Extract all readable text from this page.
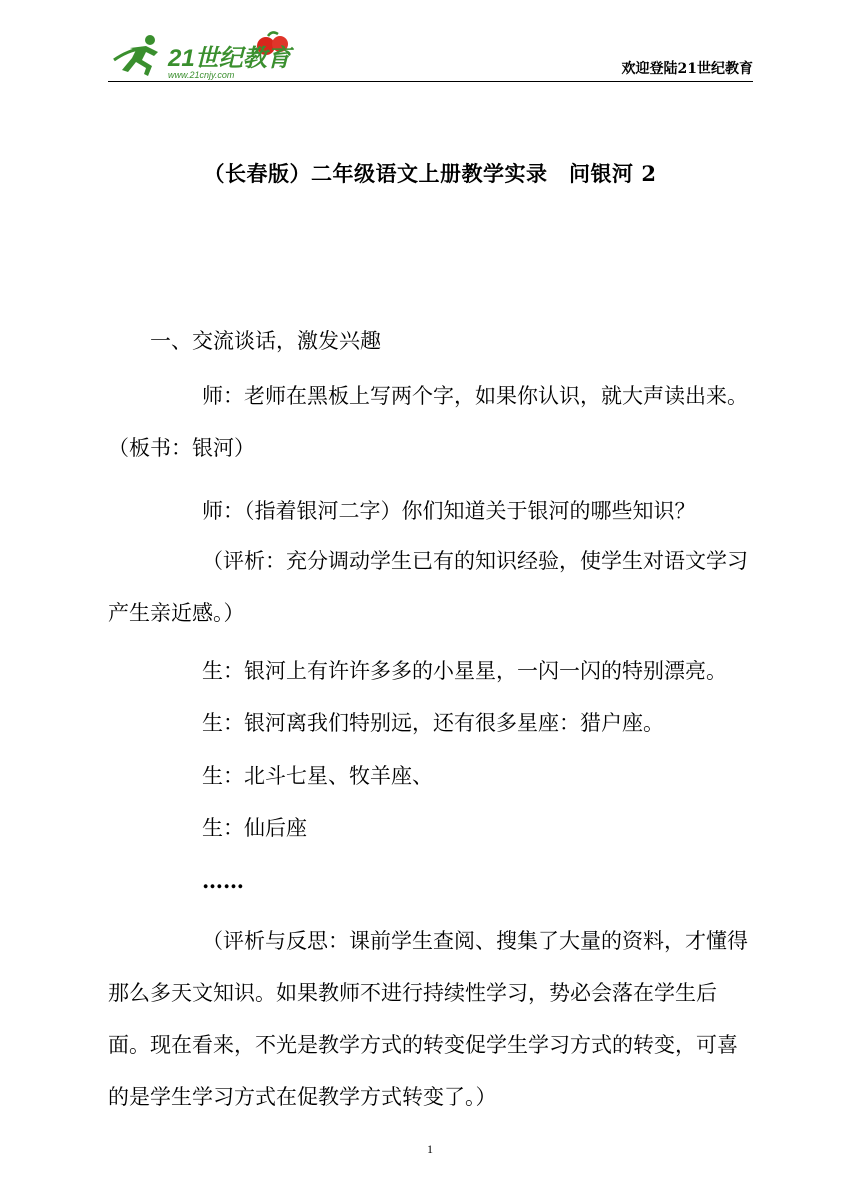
21世纪教育
www.21cnjy.com	欢迎登陆21世纪教育
（长春版）二年级语文上册教学实录　问银河 2

一、交流谈话，激发兴趣

师：老师在黑板上写两个字，如果你认识，就大声读出来。（板书：银河）

师：（指着银河二字）你们知道关于银河的哪些知识？

（评析：充分调动学生已有的知识经验，使学生对语文学习产生亲近感。）

生：银河上有许许多多的小星星，一闪一闪的特别漂亮。

生：银河离我们特别远，还有很多星座：猎户座。

生：北斗七星、牧羊座、

生：仙后座

……

（评析与反思：课前学生查阅、搜集了大量的资料，才懂得那么多天文知识。如果教师不进行持续性学习，势必会落在学生后面。现在看来，不光是教学方式的转变促学生学习方式的转变，可喜的是学生学习方式在促教学方式转变了。）

1
